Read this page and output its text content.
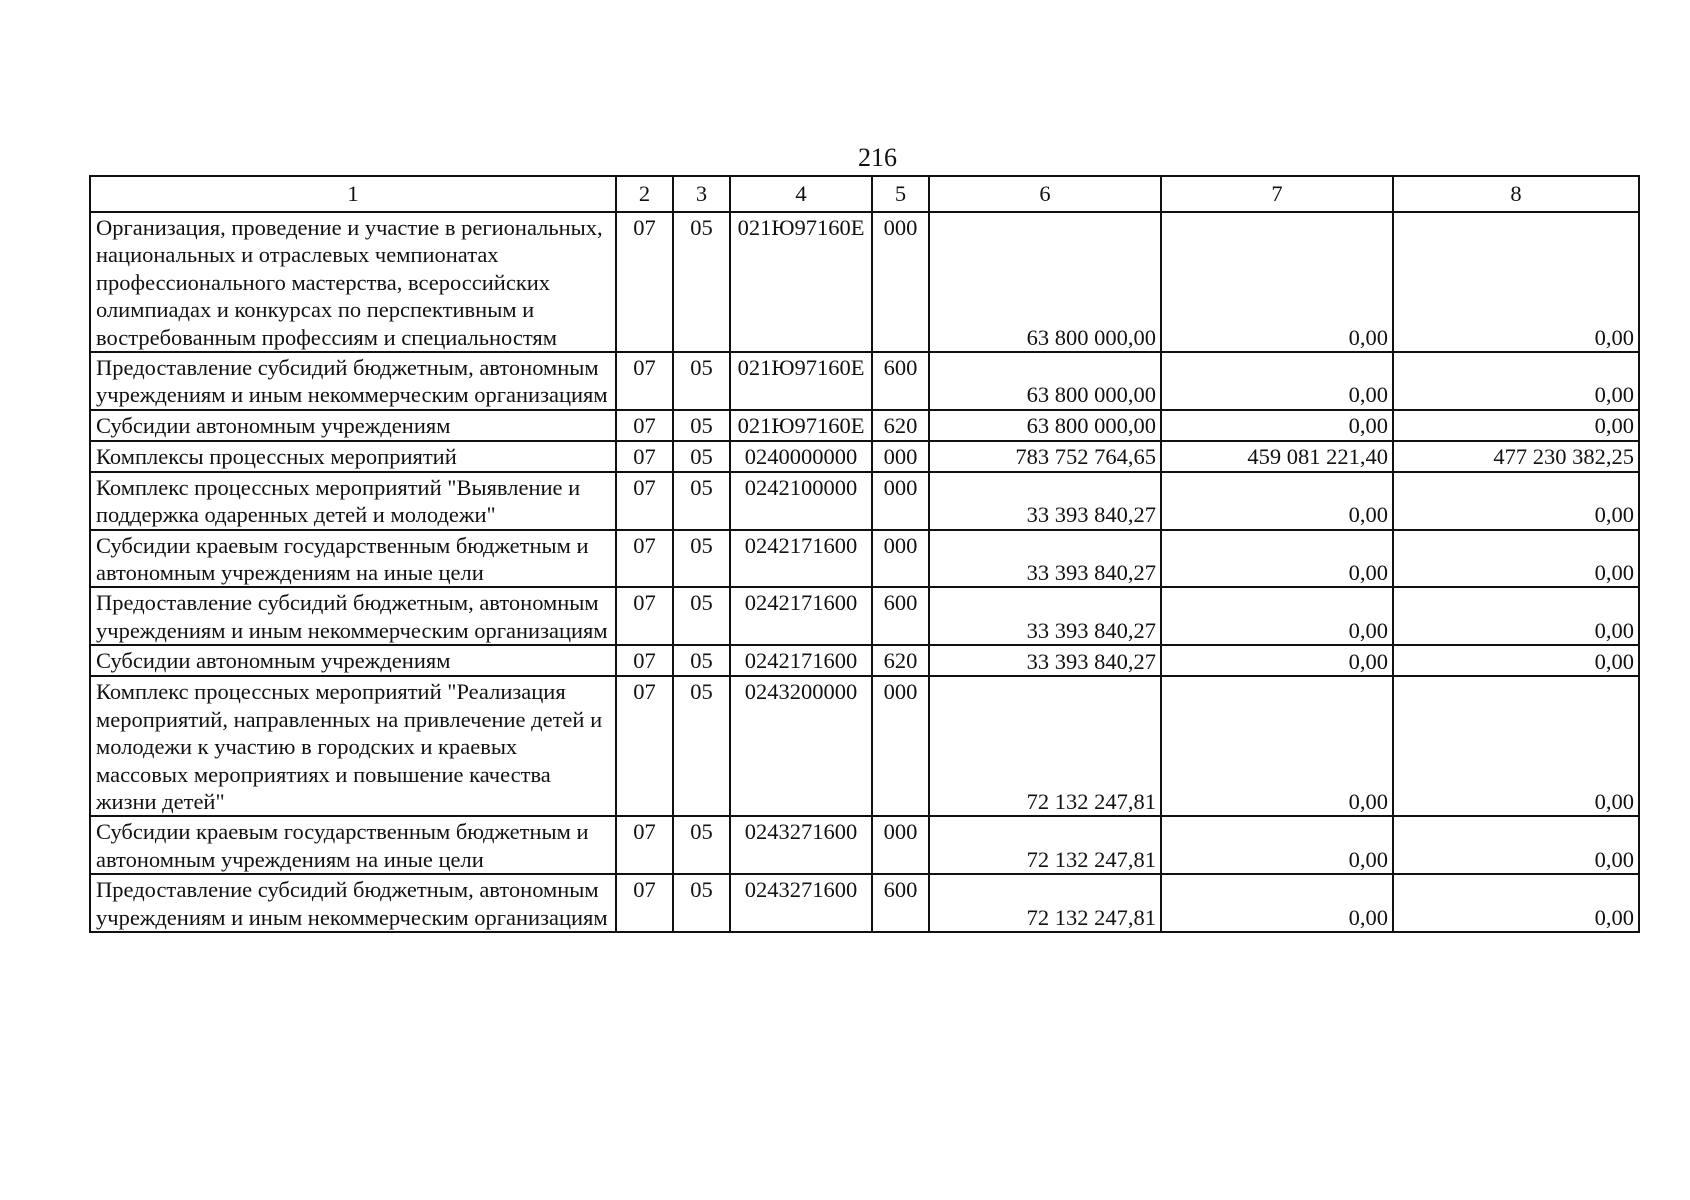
216
1	2	3	4	5	6	7	8
Организация, проведение и участие в региональных, национальных и отраслевых чемпионатах профессионального мастерства, всероссийских олимпиадах и конкурсах по перспективным и востребованным профессиям и специальностям	07	05	021Ю97160Е	000	63 800 000,00	0,00	0,00
Предоставление субсидий бюджетным, автономным учреждениям и иным некоммерческим организациям	07	05	021Ю97160Е	600	63 800 000,00	0,00	0,00
Субсидии автономным учреждениям	07	05	021Ю97160Е	620	63 800 000,00	0,00	0,00
Комплексы процессных мероприятий	07	05	0240000000	000	783 752 764,65	459 081 221,40	477 230 382,25
Комплекс процессных мероприятий "Выявление и поддержка одаренных детей и молодежи"	07	05	0242100000	000	33 393 840,27	0,00	0,00
Субсидии краевым государственным бюджетным и автономным учреждениям на иные цели	07	05	0242171600	000	33 393 840,27	0,00	0,00
Предоставление субсидий бюджетным, автономным учреждениям и иным некоммерческим организациям	07	05	0242171600	600	33 393 840,27	0,00	0,00
Субсидии автономным учреждениям	07	05	0242171600	620	33 393 840,27	0,00	0,00
Комплекс процессных мероприятий "Реализация мероприятий, направленных на привлечение детей и молодежи к участию в городских и краевых массовых мероприятиях и повышение качества жизни детей"	07	05	0243200000	000	72 132 247,81	0,00	0,00
Субсидии краевым государственным бюджетным и автономным учреждениям на иные цели	07	05	0243271600	000	72 132 247,81	0,00	0,00
Предоставление субсидий бюджетным, автономным учреждениям и иным некоммерческим организациям	07	05	0243271600	600	72 132 247,81	0,00	0,00
